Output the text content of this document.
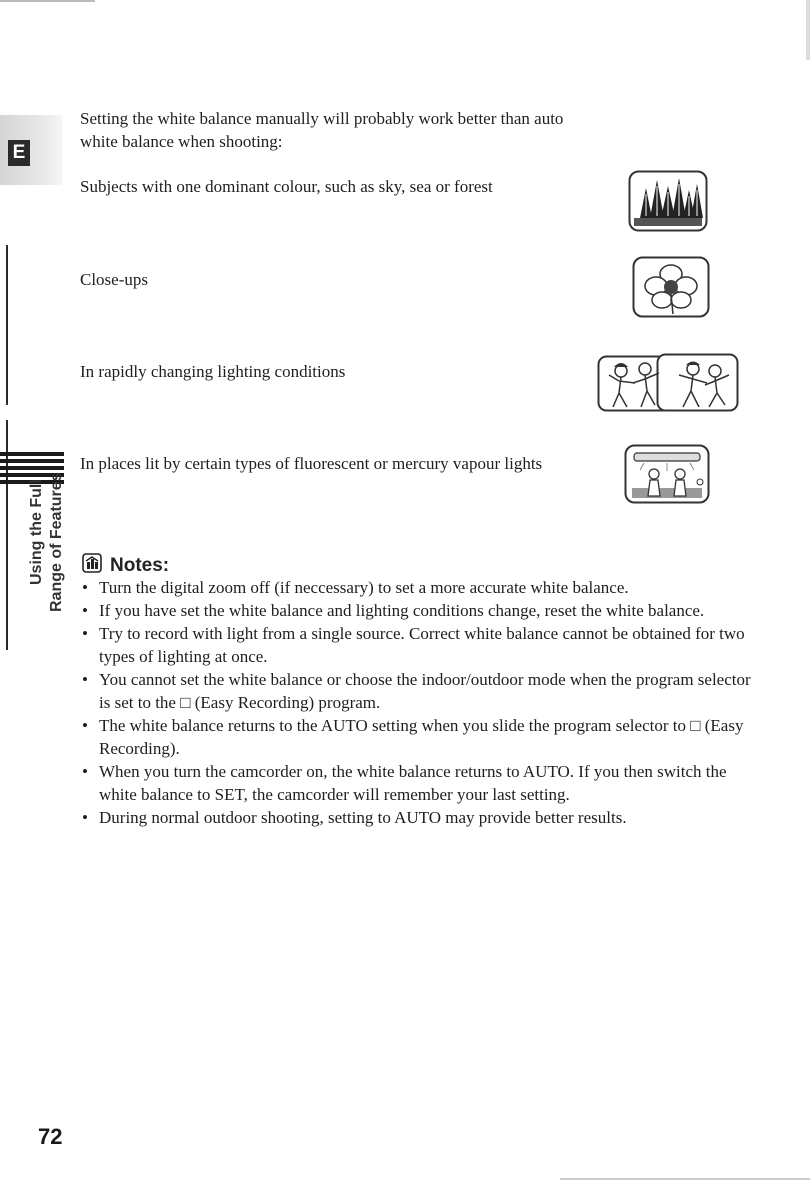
E
Using the Full Range of Features

Setting the white balance manually will probably work better than auto white balance when shooting:

Subjects with one dominant colour, such as sky, sea or forest

Close-ups

In rapidly changing lighting conditions

In places lit by certain types of fluorescent or mercury vapour lights

Notes:
• Turn the digital zoom off (if neccessary) to set a more accurate white balance.
• If you have set the white balance and lighting conditions change, reset the white balance.
• Try to record with light from a single source. Correct white balance cannot be obtained for two types of lighting at once.
• You cannot set the white balance or choose the indoor/outdoor mode when the program selector is set to the □ (Easy Recording) program.
• The white balance returns to the AUTO setting when you slide the program selector to □ (Easy Recording).
• When you turn the camcorder on, the white balance returns to AUTO. If you then switch the white balance to SET, the camcorder will remember your last setting.
• During normal outdoor shooting, setting to AUTO may provide better results.
72
